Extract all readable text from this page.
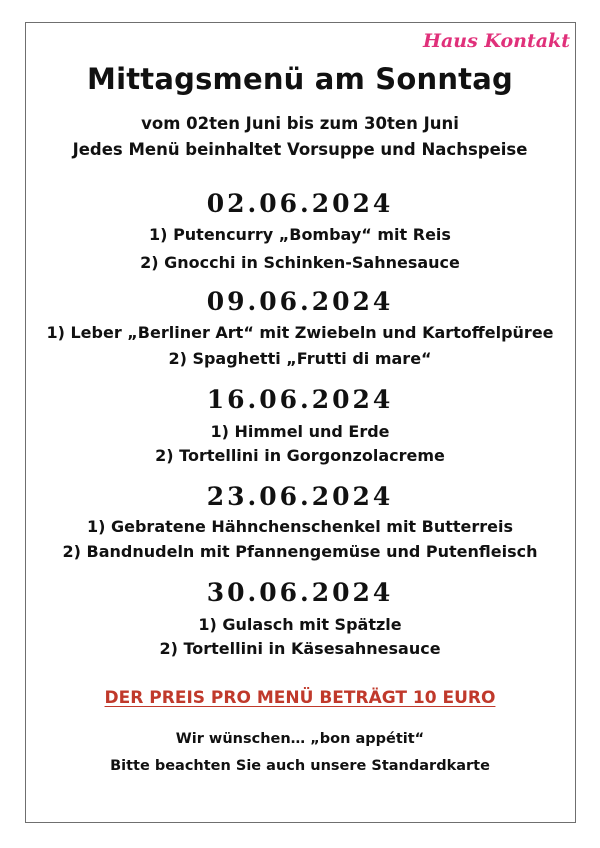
Haus Kontakt
Mittagsmenü am Sonntag
vom 02ten Juni bis zum 30ten Juni
Jedes Menü beinhaltet Vorsuppe und Nachspeise
02.06.2024
1) Putencurry „Bombay“ mit Reis
2) Gnocchi in Schinken-Sahnesauce
09.06.2024
1) Leber „Berliner Art“ mit Zwiebeln und Kartoffelpüree
2) Spaghetti „Frutti di mare“
16.06.2024
1) Himmel und Erde
2) Tortellini in Gorgonzolacreme
23.06.2024
1) Gebratene Hähnchenschenkel mit Butterreis
2) Bandnudeln mit Pfannengemüse und Putenfleisch
30.06.2024
1) Gulasch mit Spätzle
2) Tortellini in Käsesahnesauce
DER PREIS PRO MENÜ BETRÄGT 10 EURO
Wir wünschen… „bon appétit“
Bitte beachten Sie auch unsere Standardkarte
